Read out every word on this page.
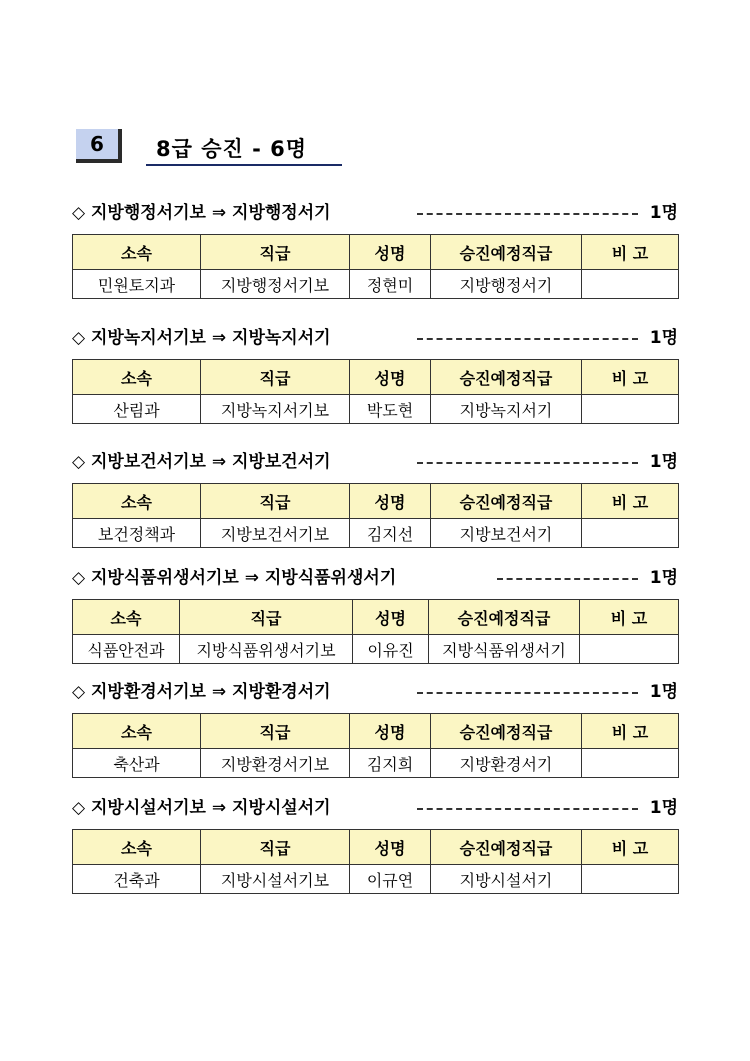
6	8급 승진 - 6명
◇ 지방행정서기보 ⇒ 지방행정서기	1명
소속	직급	성명	승진예정직급	비 고
민원토지과	지방행정서기보	정현미	지방행정서기	
◇ 지방녹지서기보 ⇒ 지방녹지서기	1명
소속	직급	성명	승진예정직급	비 고
산림과	지방녹지서기보	박도현	지방녹지서기	
◇ 지방보건서기보 ⇒ 지방보건서기	1명
소속	직급	성명	승진예정직급	비 고
보건정책과	지방보건서기보	김지선	지방보건서기	
◇ 지방식품위생서기보 ⇒ 지방식품위생서기	1명
소속	직급	성명	승진예정직급	비 고
식품안전과	지방식품위생서기보	이유진	지방식품위생서기	
◇ 지방환경서기보 ⇒ 지방환경서기	1명
소속	직급	성명	승진예정직급	비 고
축산과	지방환경서기보	김지희	지방환경서기	
◇ 지방시설서기보 ⇒ 지방시설서기	1명
소속	직급	성명	승진예정직급	비 고
건축과	지방시설서기보	이규연	지방시설서기	
